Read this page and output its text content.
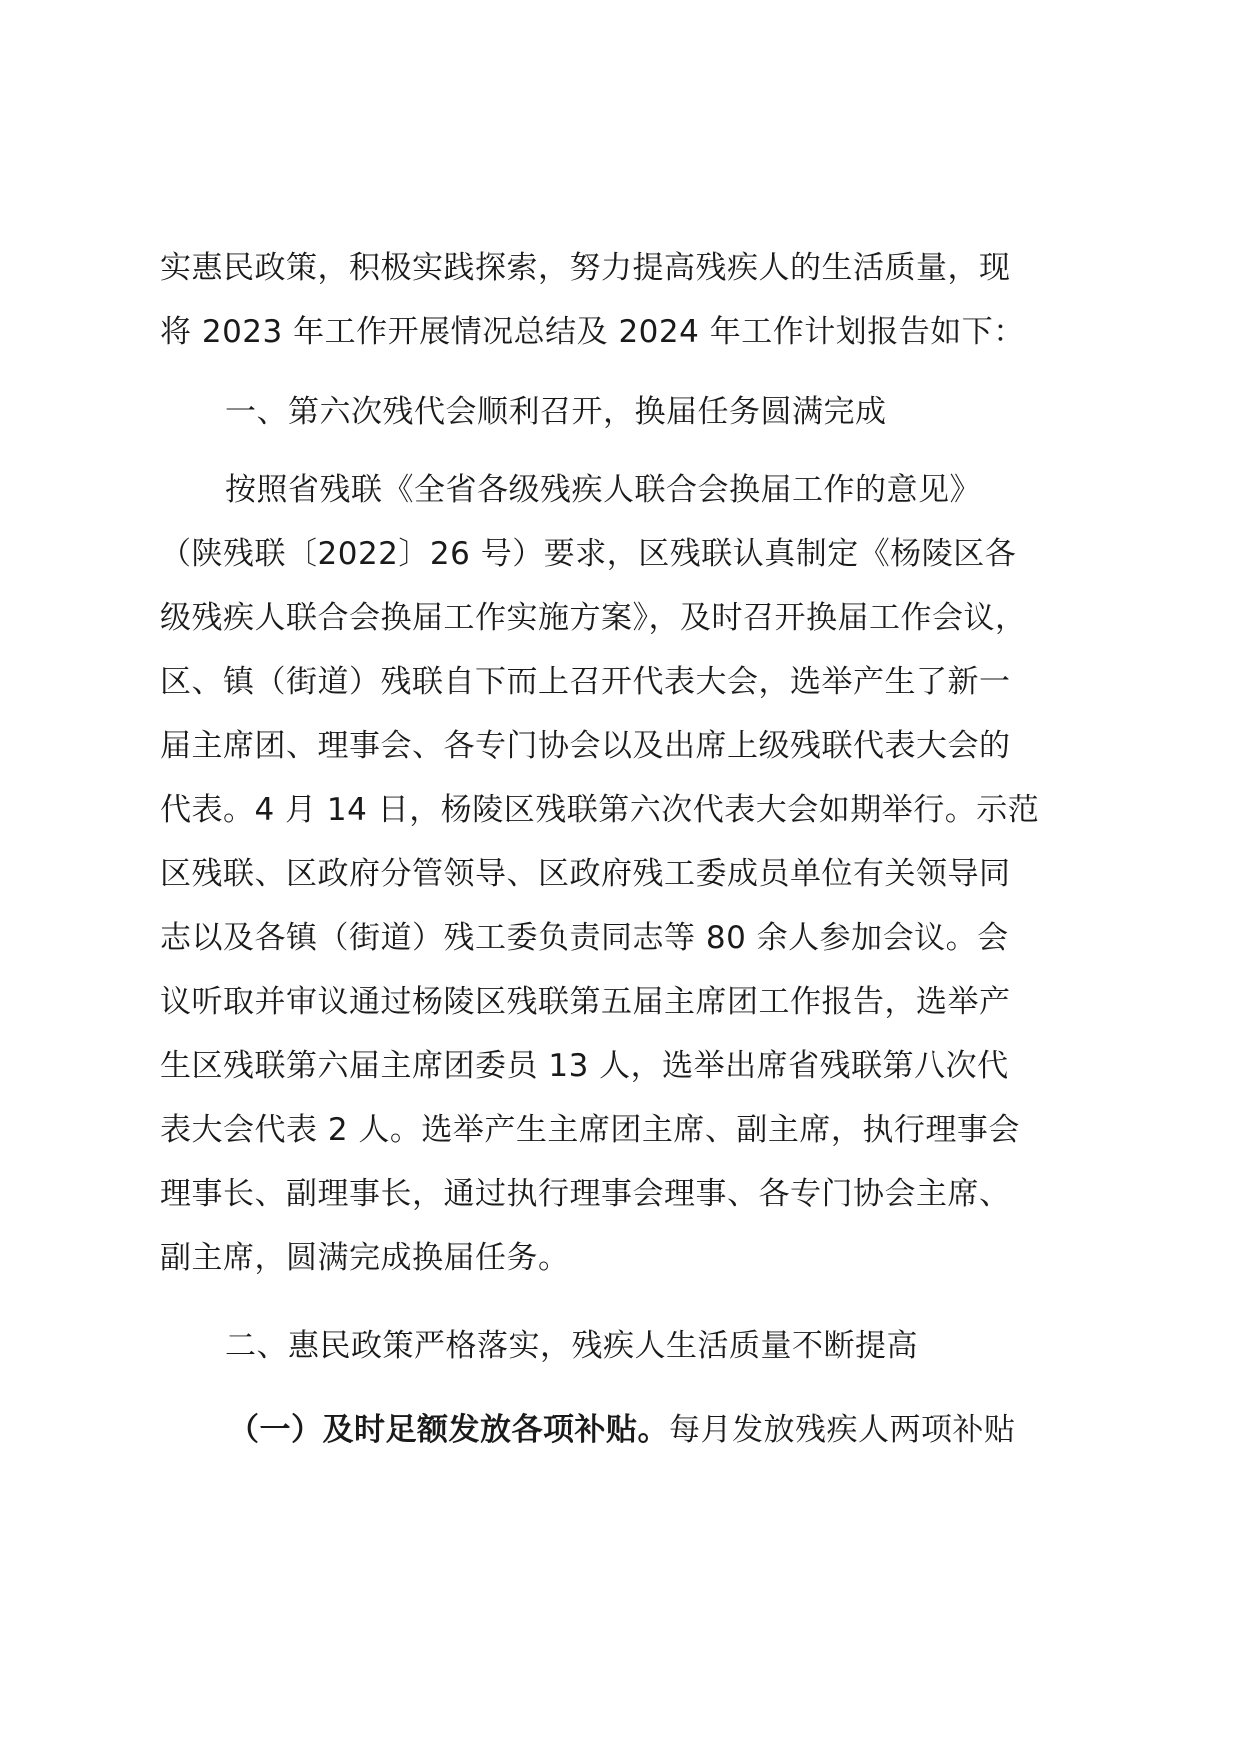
实惠民政策，积极实践探索，努力提高残疾人的生活质量，现
将 2023 年工作开展情况总结及 2024 年工作计划报告如下：
一、第六次残代会顺利召开，换届任务圆满完成
按照省残联《全省各级残疾人联合会换届工作的意见》
（陕残联〔2022〕26 号）要求，区残联认真制定《杨陵区各
级残疾人联合会换届工作实施方案》，及时召开换届工作会议，
区、镇（街道）残联自下而上召开代表大会，选举产生了新一
届主席团、理事会、各专门协会以及出席上级残联代表大会的
代表。4 月 14 日，杨陵区残联第六次代表大会如期举行。示范
区残联、区政府分管领导、区政府残工委成员单位有关领导同
志以及各镇（街道）残工委负责同志等 80 余人参加会议。会
议听取并审议通过杨陵区残联第五届主席团工作报告，选举产
生区残联第六届主席团委员 13 人，选举出席省残联第八次代
表大会代表 2 人。选举产生主席团主席、副主席，执行理事会
理事长、副理事长，通过执行理事会理事、各专门协会主席、
副主席，圆满完成换届任务。
二、惠民政策严格落实，残疾人生活质量不断提高
（一）及时足额发放各项补贴。每月发放残疾人两项补贴
